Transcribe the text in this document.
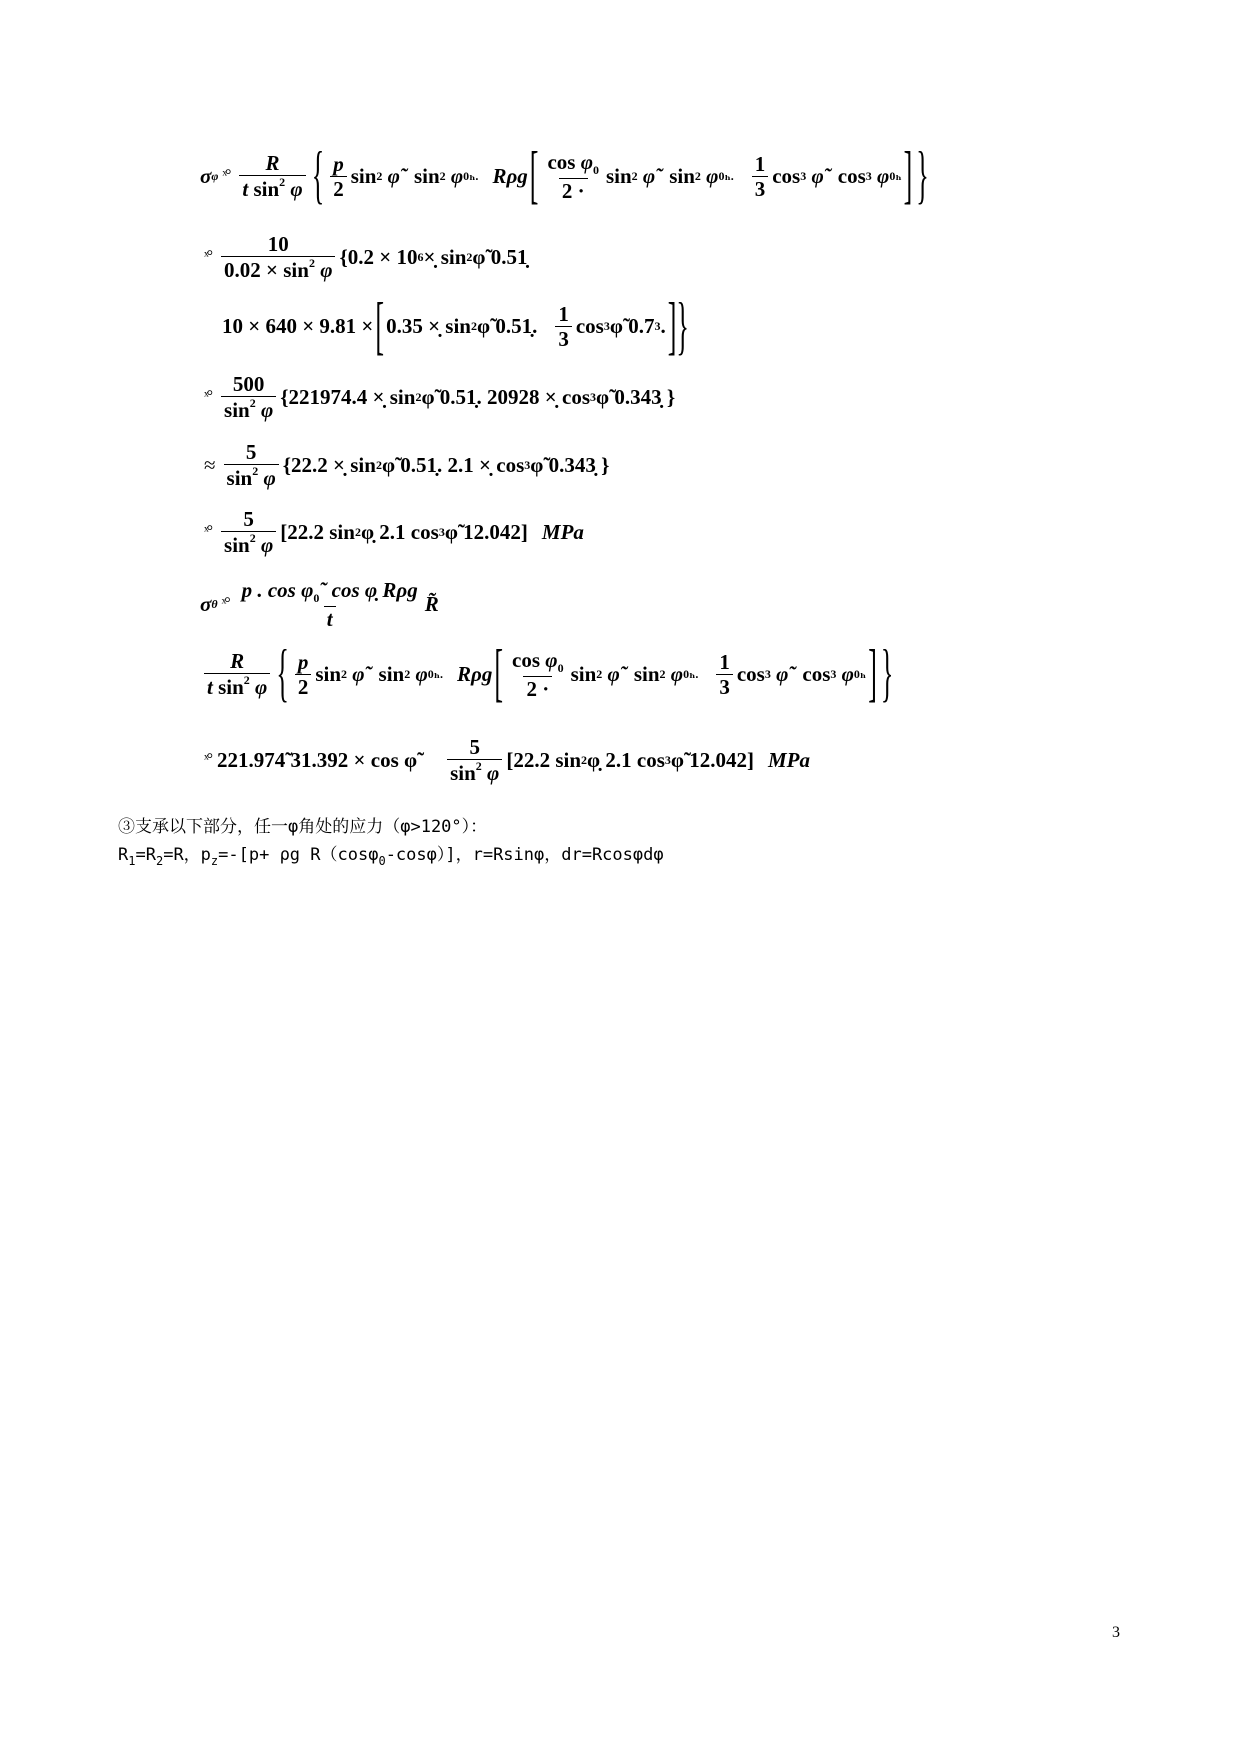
σ φ ˣ° $\frac{R}{t \sin^2 \varphi}$ { $\frac{p}{2}$ sin 2
φ̃ sin 2
φ 0ₕ. Rρg [ $\frac{\cos \varphi_0}{2 \cdot}$ sin 2
φ̃ sin 2
φ 0ₕ. $\frac{1}{3}$ cos 3
φ̃ cos 3
φ 0ₕ ] }
ˣ° $\frac{10}{0.02 \times \sin^2 \varphi} \{0.2 \times 10$ 6 ×̣ sin 2 φ̃ 0.51̣
10 × 640 × 9.81 × [ 0.35 ×̣ sin 2 φ̃ 0.51̣. $\frac{1}{3}$ cos 3 φ̃ 0.7 3 . ]}
ˣ° $\frac{500}{\sin^2 \varphi} \{221974.4$ ×̣ sin 2 φ̃ 0.51̣. 20928 ×̣ cos 3 φ̃ 0.343̣ }
≈ $\frac{5}{\sin^2 \varphi} \{22.2$ ×̣ sin 2 φ̃ 0.51̣. 2.1 ×̣ cos 3 φ̃ 0.343̣ }
ˣ° $\frac{5}{\sin^2 \varphi} [22.2$ sin 2 φ̣ 2.1 cos 3 φ̃ 12.042] MPa
σ θ ˣ° $\frac{p . \cos \varphi_0˜ \cos \varphị R\rho g}{t}$ R̃
$\frac{R}{t \sin^2 \varphi}$ { $\frac{p}{2}$ sin 2
φ̃ sin 2
φ 0ₕ. Rρg [ $\frac{\cos \varphi_0}{2 \cdot}$ sin 2
φ̃ sin 2
φ 0ₕ. $\frac{1}{3}$ cos 3
φ̃ cos 3
φ 0ₕ ] }
ˣ° 221.974̃ 31.392 × cos φ̃ $\frac{5}{\sin^2 \varphi} [22.2$ sin 2 φ̣ 2.1 cos 3 φ̃ 12.042] MPa
③支承以下部分，任一φ角处的应力（φ>120°）：
$R_1=R_2=R$，$p_z=-[p+ \rho g$ R（cosφ$_0$-cosφ）]，r=Rsinφ，dr=Rcosφdφ
3
